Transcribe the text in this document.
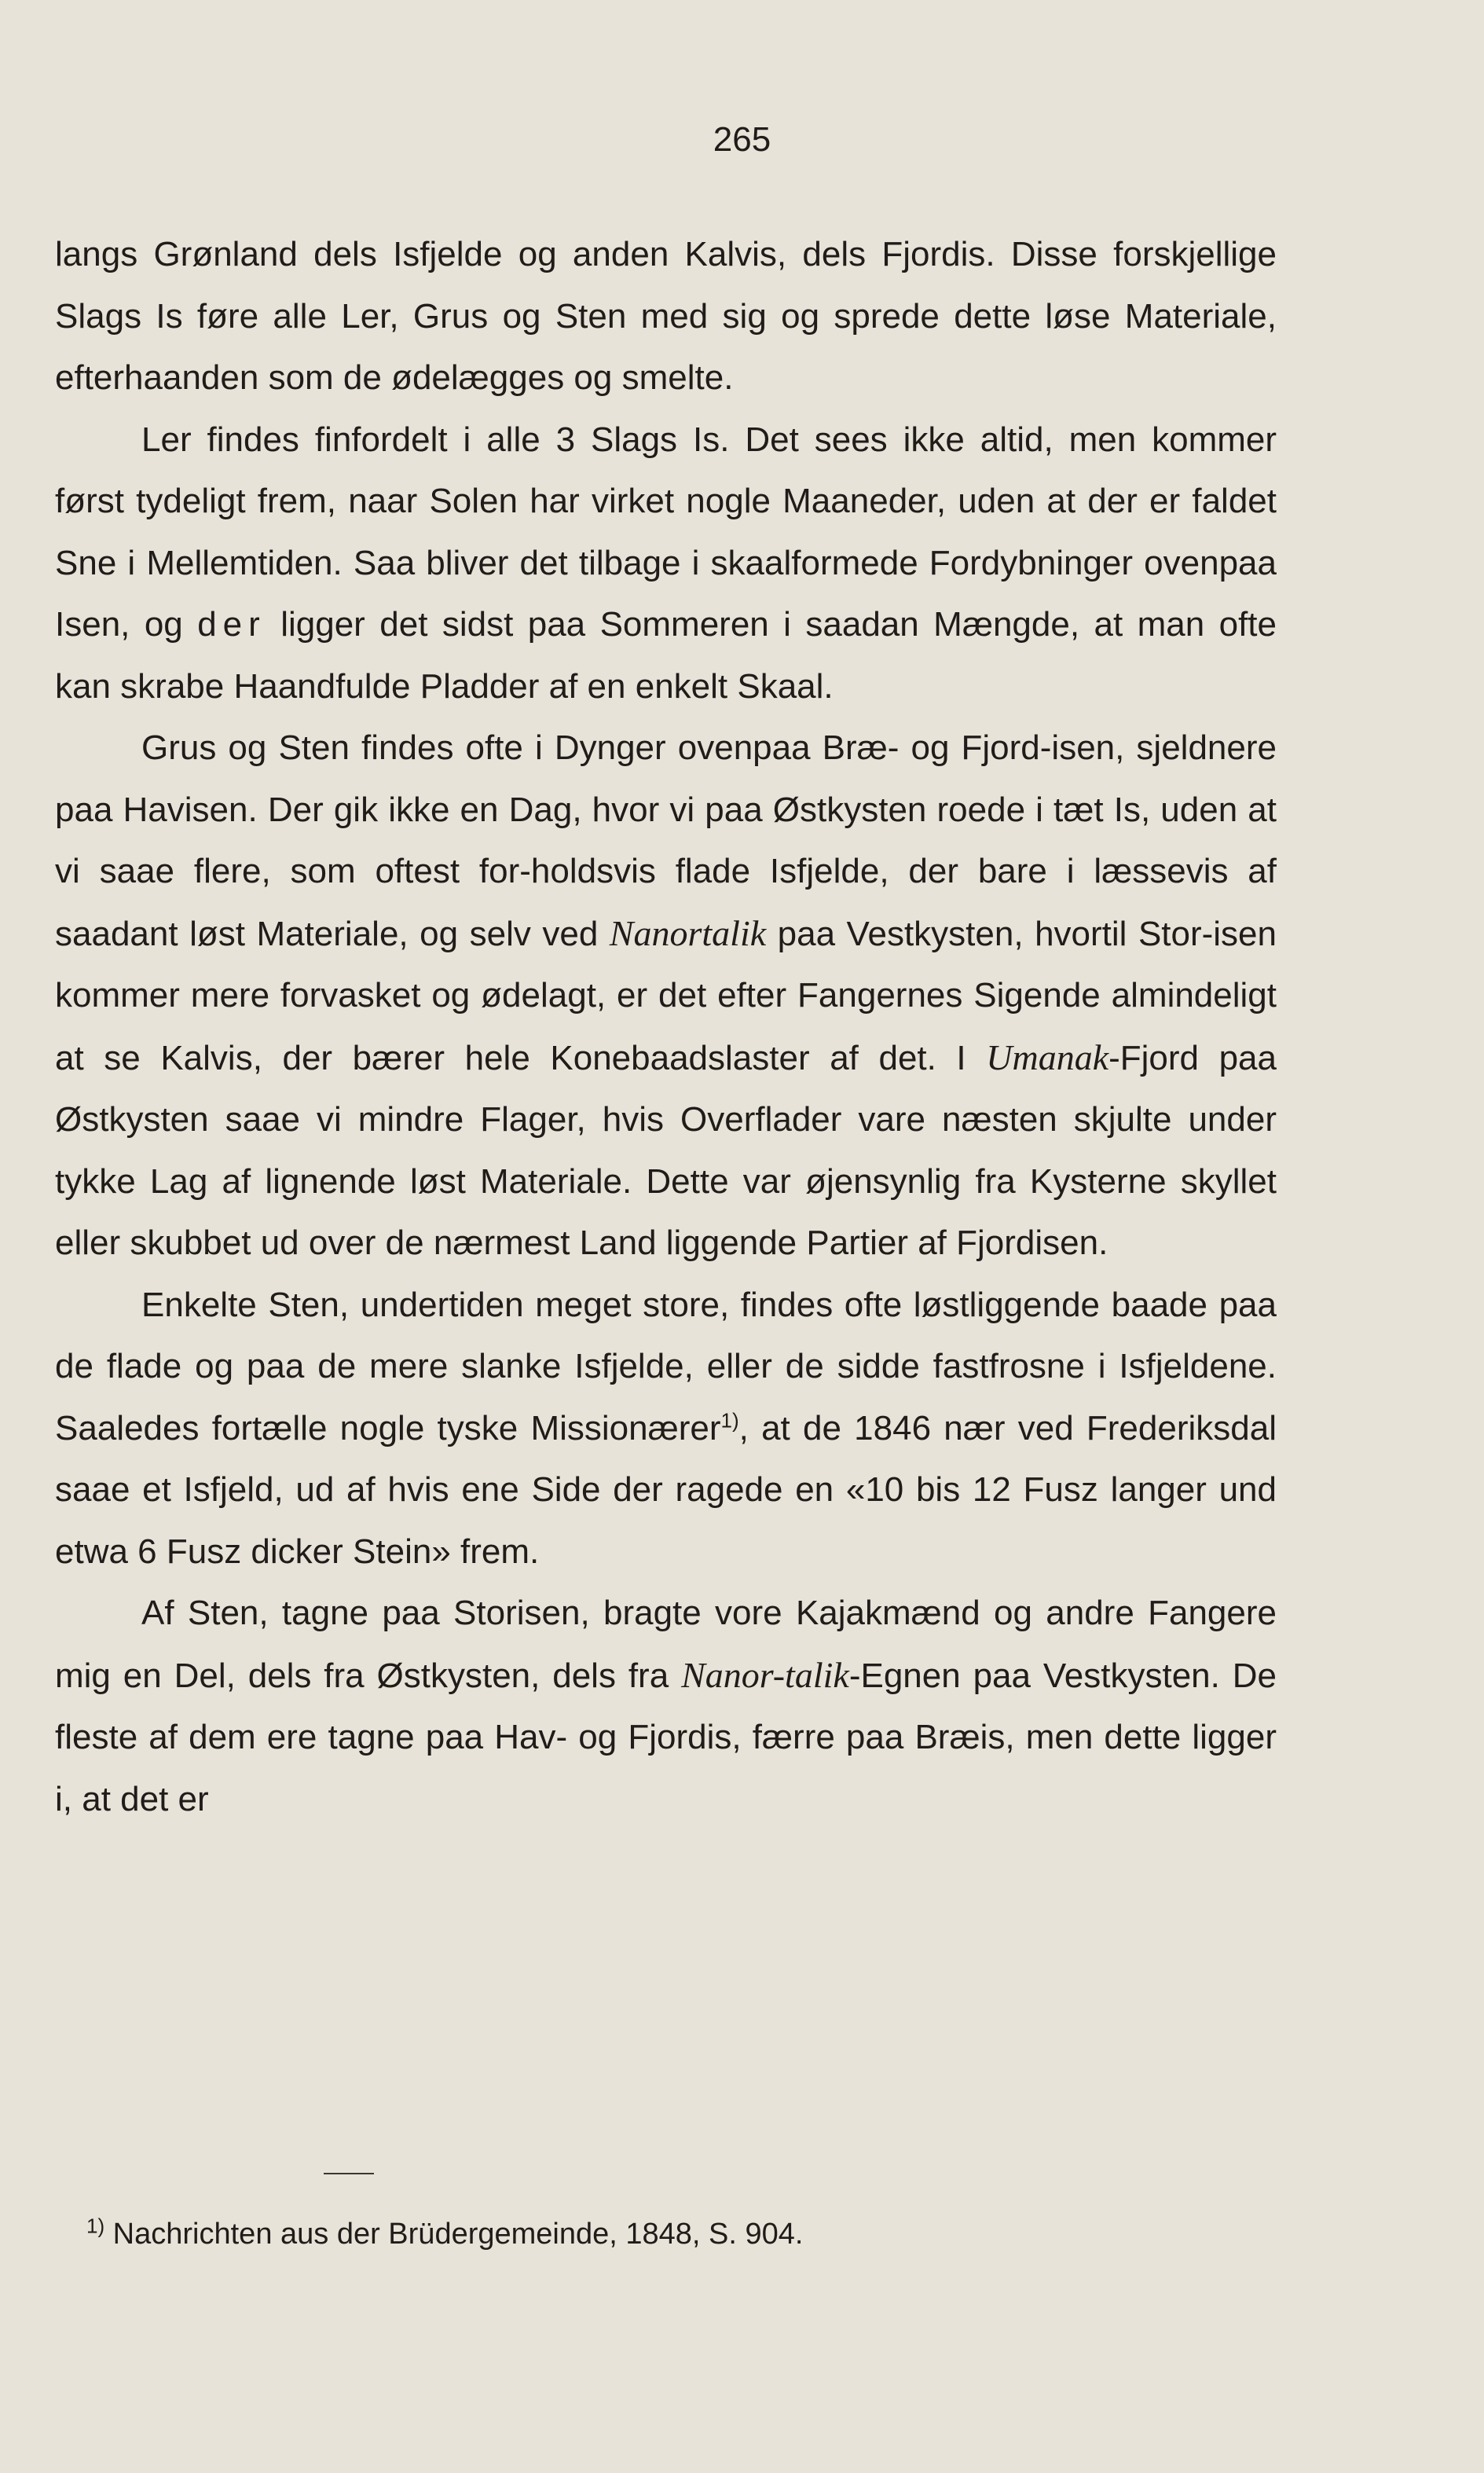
265

langs Grønland dels Isfjelde og anden Kalvis, dels Fjordis. Disse forskjellige Slags Is føre alle Ler, Grus og Sten med sig og sprede dette løse Materiale, efterhaanden som de ødelægges og smelte.

Ler findes finfordelt i alle 3 Slags Is. Det sees ikke altid, men kommer først tydeligt frem, naar Solen har virket nogle Maaneder, uden at der er faldet Sne i Mellemtiden. Saa bliver det tilbage i skaalformede Fordybninger ovenpaa Isen, og der ligger det sidst paa Sommeren i saadan Mængde, at man ofte kan skrabe Haandfulde Pladder af en enkelt Skaal.

Grus og Sten findes ofte i Dynger ovenpaa Bræ- og Fjord-isen, sjeldnere paa Havisen. Der gik ikke en Dag, hvor vi paa Østkysten roede i tæt Is, uden at vi saae flere, som oftest for-holdsvis flade Isfjelde, der bare i læssevis af saadant løst Materiale, og selv ved Nanortalik paa Vestkysten, hvortil Stor-isen kommer mere forvasket og ødelagt, er det efter Fangernes Sigende almindeligt at se Kalvis, der bærer hele Konebaadslaster af det. I Umanak-Fjord paa Østkysten saae vi mindre Flager, hvis Overflader vare næsten skjulte under tykke Lag af lignende løst Materiale. Dette var øjensynlig fra Kysterne skyllet eller skubbet ud over de nærmest Land liggende Partier af Fjordisen.

Enkelte Sten, undertiden meget store, findes ofte løstliggende baade paa de flade og paa de mere slanke Isfjelde, eller de sidde fastfrosne i Isfjeldene. Saaledes fortælle nogle tyske Missionærer$^{1)}$, at de 1846 nær ved Frederiksdal saae et Isfjeld, ud af hvis ene Side der ragede en «10 bis 12 Fusz langer und etwa 6 Fusz dicker Stein» frem.

Af Sten, tagne paa Storisen, bragte vore Kajakmænd og andre Fangere mig en Del, dels fra Østkysten, dels fra Nanor-talik-Egnen paa Vestkysten. De fleste af dem ere tagne paa Hav- og Fjordis, færre paa Bræis, men dette ligger i, at det er

$^{1)}$ Nachrichten aus der Brüdergemeinde, 1848, S. 904.
